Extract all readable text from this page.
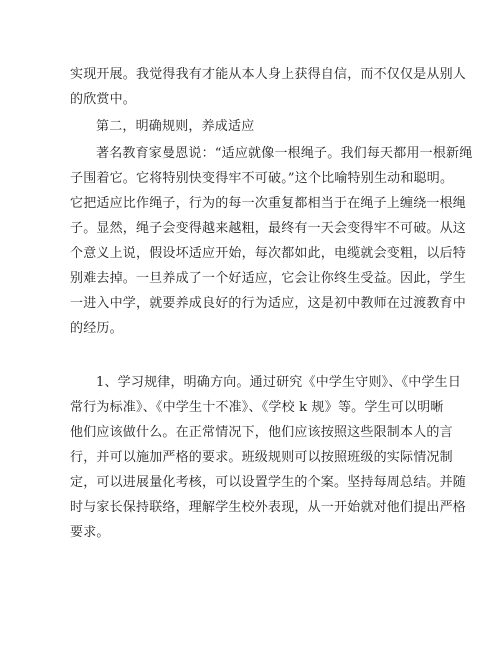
实现开展。我觉得我有才能从本人身上获得自信，而不仅仅是从别人
的欣赏中。
第二，明确规则，养成适应
著名教育家曼恩说：“适应就像一根绳子。我们每天都用一根新绳
子围着它。它将特别快变得牢不可破。”这个比喻特别生动和聪明。
它把适应比作绳子，行为的每一次重复都相当于在绳子上缠绕一根绳
子。显然，绳子会变得越来越粗，最终有一天会变得牢不可破。从这
个意义上说，假设坏适应开始，每次都如此，电缆就会变粗，以后特
别难去掉。一旦养成了一个好适应，它会让你终生受益。因此，学生
一进入中学，就要养成良好的行为适应，这是初中教师在过渡教育中
的经历。
1、学习规律，明确方向。通过研究《中学生守则》、《中学生日
常行为标准》、《中学生十不准》、《学校 k 规》等。学生可以明晰
他们应该做什么。在正常情况下，他们应该按照这些限制本人的言
行，并可以施加严格的要求。班级规则可以按照班级的实际情况制
定，可以进展量化考核，可以设置学生的个案。坚持每周总结。并随
时与家长保持联络，理解学生校外表现，从一开始就对他们提出严格
要求。
